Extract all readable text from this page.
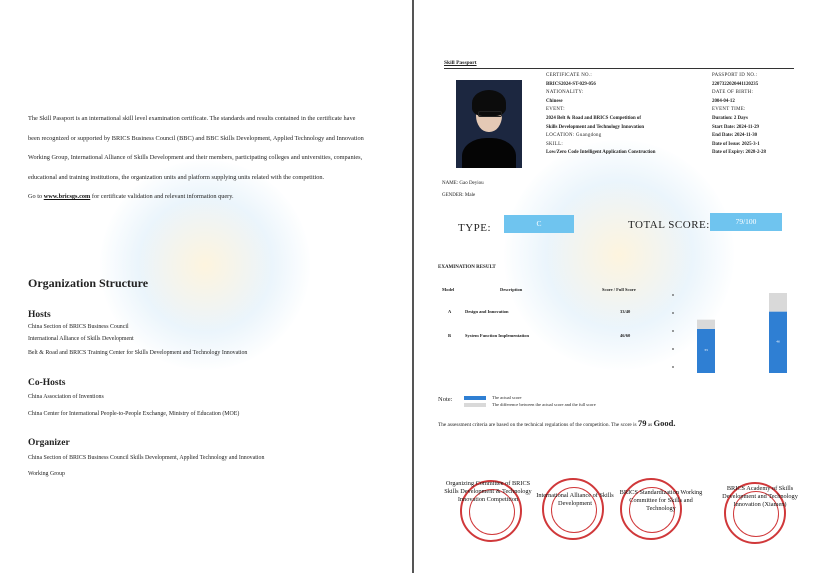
The Skill Passport is an international skill level examination certificate. The standards and results contained in the certificate have been recognized or supported by BRICS Business Council (BBC) and BBC Skills Development, Applied Technology and Innovation Working Group, International Alliance of Skills Development and their members, participating colleges and universities, companies, educational and training institutions, the organization units and platform supplying units related with the competition.
Go to www.bricsgs.com for certificate validation and relevant information query.
Organization Structure
Hosts
China Section of BRICS Business Council
International Alliance of Skills Development
Belt & Road and BRICS Training Center for Skills Development and Technology Innovation
Co-Hosts
China Association of Inventions
China Center for International People-to-People Exchange, Ministry of Education (MOE)
Organizer
China Section of BRICS Business Council Skills Development, Applied Technology and Innovation
Working Group
Skill Passport
CERTIFICATE NO.:
BRICS2024-ST-029-056
NATIONALITY:
Chinese
EVENT:
2024 Belt & Road and BRICS Competition of
Skills Development and Technology Innovation
LOCATION: Guangdong
SKILL:
Low/Zero Code Intelligent Application Construction
PASSPORT ID NO.:
2207322020441120235
DATE OF BIRTH:
2004-04-12
EVENT TIME:
Duration: 2 Days
Start Date: 2024-11-29
End Date: 2024-11-30
Date of Issue: 2025-3-1
Date of Expiry: 2028-2-28
NAME: Gao Deyiou
GENDER: Male
TYPE:	C	TOTAL SCORE:	79/100
EXAMINATION RESULT
Model	Description	Score / Full Score
A	Design and Innovation	33/40
B	System Function Implementation	46/60
33
46
Note:	The actual score
The difference between the actual score and the full score
The assessment criteria are based on the technical regulations of the competition. The score is 79 as Good.
Organizing Committee of BRICS Skills Development & Technology Innovation Competition
International Alliance of Skills Development
BRICS Standardization Working Committee for Skills and Technology
BRICS Academy of Skills Development and Technology Innovation (Xiamen)
